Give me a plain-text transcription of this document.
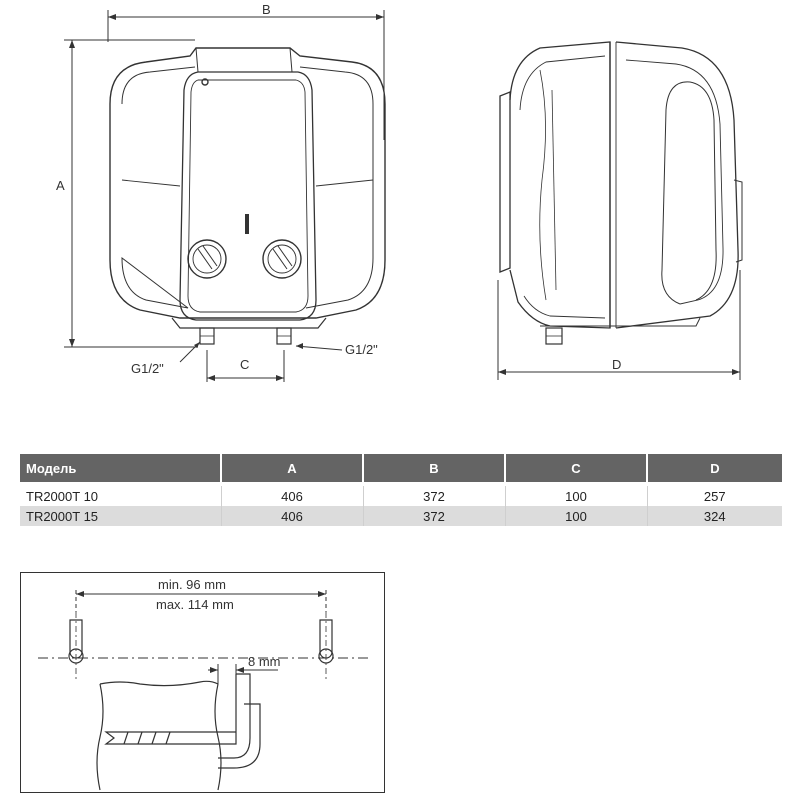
B
A
C
G1/2"
G1/2"
D
Модель	A	B	C	D

TR2000T 10	406	372	100	257
TR2000T 15	406	372	100	324
min. 96 mm
max. 114 mm
8 mm
